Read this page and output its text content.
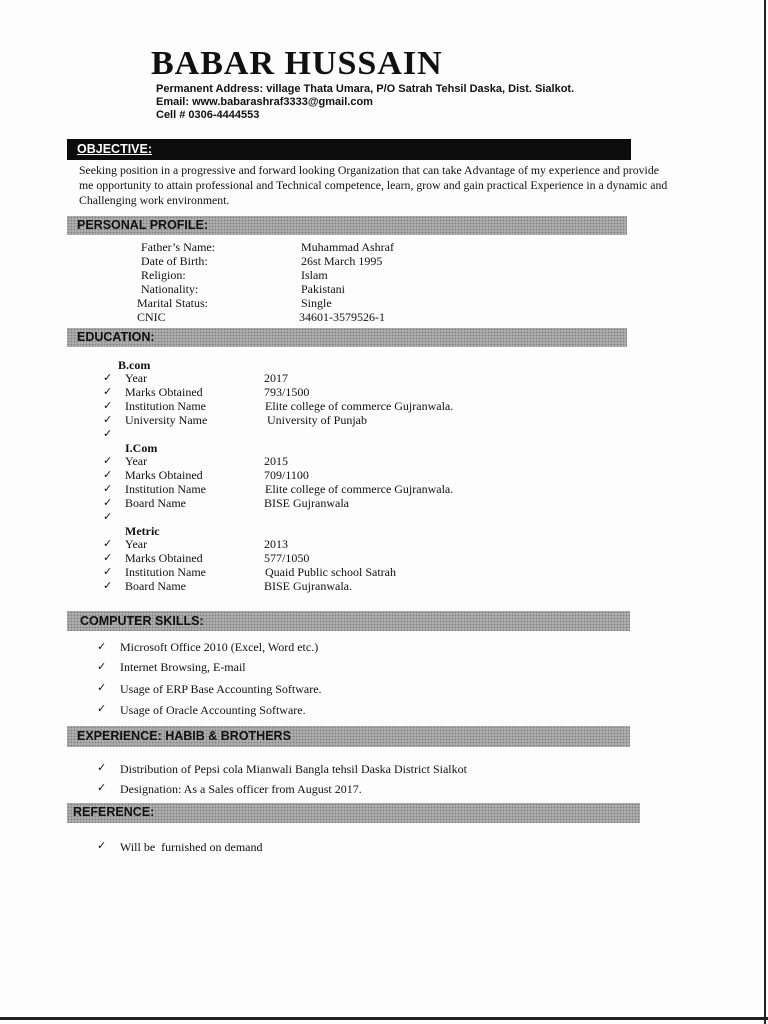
BABAR HUSSAIN
Permanent Address: village Thata Umara, P/O Satrah Tehsil Daska, Dist. Sialkot.
Email: www.babarashraf3333@gmail.com
Cell # 0306-4444553
OBJECTIVE:
Seeking position in a progressive and forward looking Organization that can take Advantage of my experience and provide
me opportunity to attain professional and Technical competence, learn, grow and gain practical Experience in a dynamic and
Challenging work environment.
PERSONAL PROFILE:
Father’s Name:	Muhammad Ashraf
Date of Birth:	26st March 1995
Religion:	Islam
Nationality:	Pakistani
Marital Status:	Single
CNIC	34601-3579526-1
EDUCATION:
B.com
✓ Year	2017
✓ Marks Obtained	793/1500
✓ Institution Name	Elite college of commerce Gujranwala.
✓ University Name	University of Punjab
✓
I.Com
✓ Year	2015
✓ Marks Obtained	709/1100
✓ Institution Name	Elite college of commerce Gujranwala.
✓ Board Name	BISE Gujranwala
✓
Metric
✓ Year	2013
✓ Marks Obtained	577/1050
✓ Institution Name	Quaid Public school Satrah
✓ Board Name	BISE Gujranwala.
COMPUTER SKILLS:
✓ Microsoft Office 2010 (Excel, Word etc.)
✓ Internet Browsing, E-mail
✓ Usage of ERP Base Accounting Software.
✓ Usage of Oracle Accounting Software.
EXPERIENCE: HABIB & BROTHERS
✓ Distribution of Pepsi cola Mianwali Bangla tehsil Daska District Sialkot
✓ Designation: As a Sales officer from August 2017.
REFERENCE:
✓ Will be  furnished on demand
